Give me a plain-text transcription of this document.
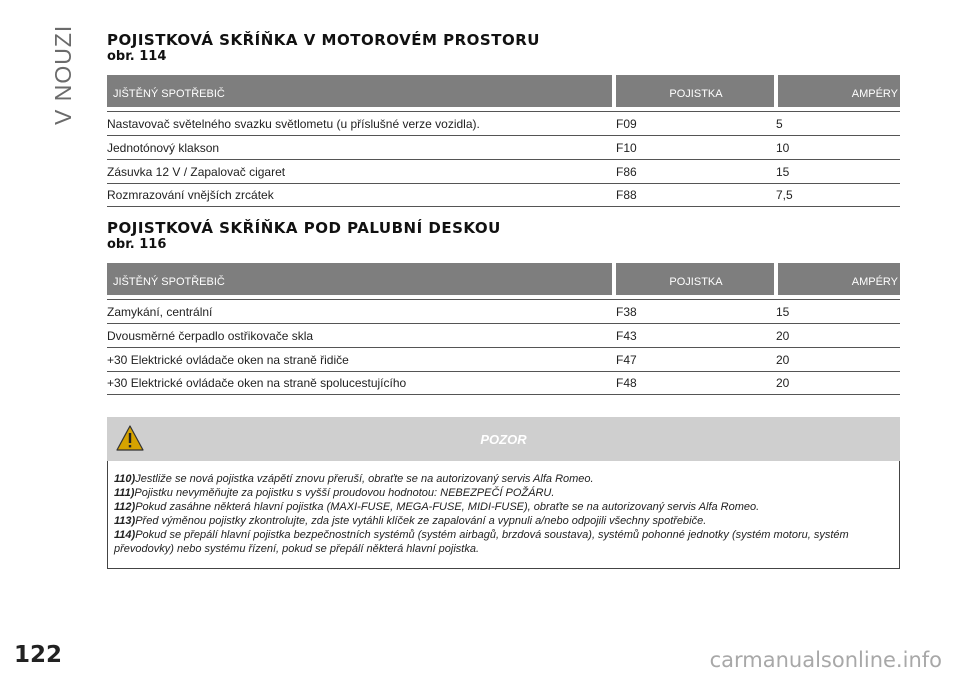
V NOUZI POJISTKOVÁ SKŘÍŇKA V MOTOROVÉM PROSTORU
obr. 114
JIŠTĚNÝ SPOTŘEBIČ	POJISTKA	AMPÉRY
Nastavovač světelného svazku světlometu (u příslušné verze vozidla).	F09	5
Jednotónový klakson	F10	10
Zásuvka 12 V / Zapalovač cigaret	F86	15
Rozmrazování vnějších zrcátek	F88	7,5
POJISTKOVÁ SKŘÍŇKA POD PALUBNÍ DESKOU
obr. 116
JIŠTĚNÝ SPOTŘEBIČ	POJISTKA	AMPÉRY
Zamykání, centrální	F38	15
Dvousměrné čerpadlo ostřikovače skla	F43	20
+30 Elektrické ovládače oken na straně řidiče	F47	20
+30 Elektrické ovládače oken na straně spolucestujícího	F48	20
POZOR
110)Jestliže se nová pojistka vzápětí znovu přeruší, obraťte se na autorizovaný servis Alfa Romeo.
111)Pojistku nevyměňujte za pojistku s vyšší proudovou hodnotou: NEBEZPEČÍ POŽÁRU.
112)Pokud zasáhne některá hlavní pojistka (MAXI-FUSE, MEGA-FUSE, MIDI-FUSE), obraťte se na autorizovaný servis Alfa Romeo.
113)Před výměnou pojistky zkontrolujte, zda jste vytáhli klíček ze zapalování a vypnuli a/nebo odpojili všechny spotřebiče.
114)Pokud se přepálí hlavní pojistka bezpečnostních systémů (systém airbagů, brzdová soustava), systémů pohonné jednotky (systém motoru, systém převodovky) nebo systému řízení, pokud se přepálí některá hlavní pojistka.
122	carmanualsonline.info
